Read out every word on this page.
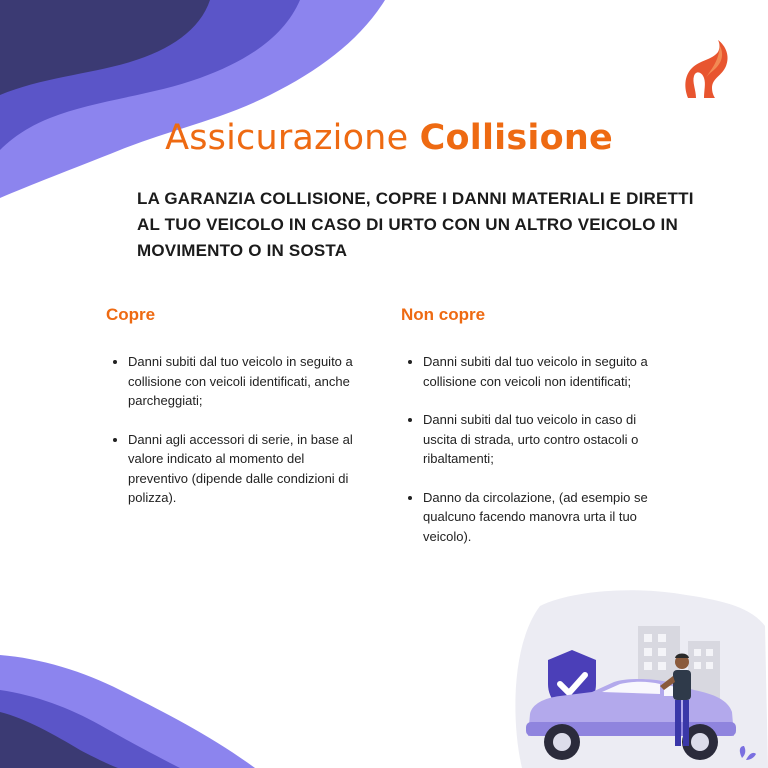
Assicurazione Collisione
LA GARANZIA COLLISIONE, COPRE I DANNI MATERIALI E DIRETTI AL TUO VEICOLO IN CASO DI URTO CON UN ALTRO VEICOLO IN MOVIMENTO O IN SOSTA
Copre	Non copre
• Danni subiti dal tuo veicolo in seguito a collisione con veicoli identificati, anche parcheggiati;
• Danni agli accessori di serie, in base al valore indicato al momento del preventivo (dipende dalle condizioni di polizza).
• Danni subiti dal tuo veicolo in seguito a collisione con veicoli non identificati;
• Danni subiti dal tuo veicolo in caso di uscita di strada, urto contro ostacoli o ribaltamenti;
• Danno da circolazione, (ad esempio se qualcuno facendo manovra urta il tuo veicolo).
